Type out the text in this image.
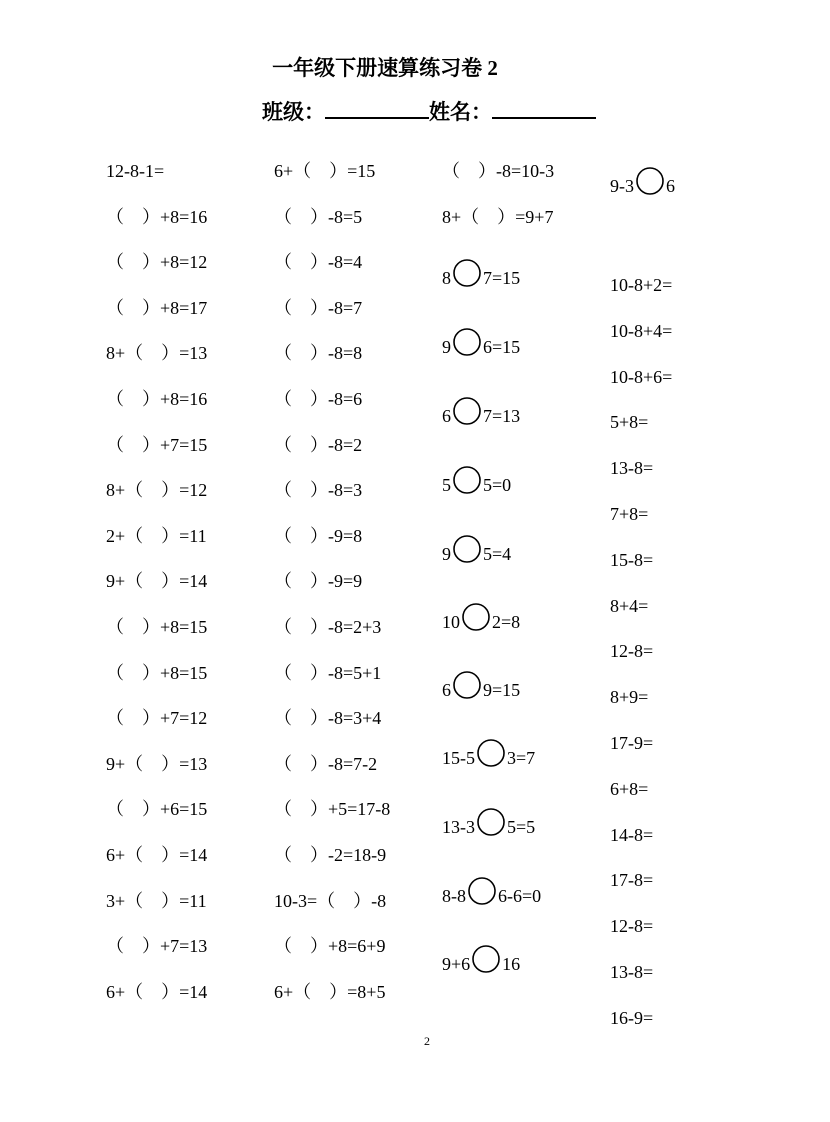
一年级下册速算练习卷 2
班级：	姓名：
12-8-1=
（　）+8=16
（　）+8=12
（　）+8=17
8+（　）=13
（　）+8=16
（　）+7=15
8+（　）=12
2+（　）=11
9+（　）=14
（　）+8=15
（　）+8=15
（　）+7=12
9+（　）=13
（　）+6=15
6+（　）=14
3+（　）=11
（　）+7=13
6+（　）=14
6+（　）=15
（　）-8=5
（　）-8=4
（　）-8=7
（　）-8=8
（　）-8=6
（　）-8=2
（　）-8=3
（　）-9=8
（　）-9=9
（　）-8=2+3
（　）-8=5+1
（　）-8=3+4
（　）-8=7-2
（　）+5=17-8
（　）-2=18-9
10-3=（　）-8
（　）+8=6+9
6+（　）=8+5
（　）-8=10-3
8+（　）=9+7
8 7=15
9 6=15
6 7=13
5 5=0
9 5=4
10 2=8
6 9=15
15-5 3=7
13-3 5=5
8-8 6-6=0
9+6 16
9-3 6
10-8+2=
10-8+4=
10-8+6=
5+8=
13-8=
7+8=
15-8=
8+4=
12-8=
8+9=
17-9=
6+8=
14-8=
17-8=
12-8=
13-8=
16-9=
2
